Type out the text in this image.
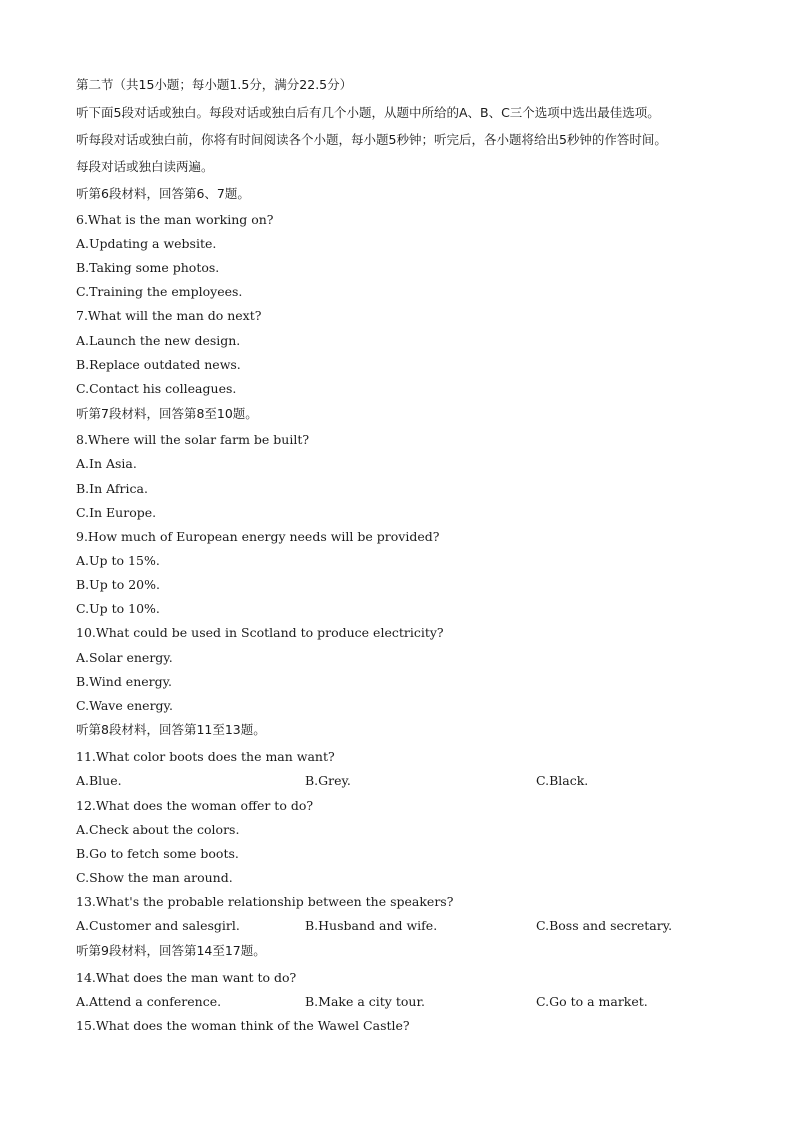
第二节（共15小题；每小题1.5分，满分22.5分）
听下面5段对话或独白。每段对话或独白后有几个小题，从题中所给的A、B、C三个选项中选出最佳选项。
听每段对话或独白前，你将有时间阅读各个小题，每小题5秒钟；听完后，各小题将给出5秒钟的作答时间。
每段对话或独白读两遍。
听第6段材料，回答第6、7题。
6.What is the man working on?
A.Updating a website.
B.Taking some photos.
C.Training the employees.
7.What will the man do next?
A.Launch the new design.
B.Replace outdated news.
C.Contact his colleagues.
听第7段材料，回答第8至10题。
8.Where will the solar farm be built?
A.In Asia.
B.In Africa.
C.In Europe.
9.How much of European energy needs will be provided?
A.Up to 15%.
B.Up to 20%.
C.Up to 10%.
10.What could be used in Scotland to produce electricity?
A.Solar energy.
B.Wind energy.
C.Wave energy.
听第8段材料，回答第11至13题。
11.What color boots does the man want?
A.Blue.	B.Grey.	C.Black.
12.What does the woman offer to do?
A.Check about the colors.
B.Go to fetch some boots.
C.Show the man around.
13.What's the probable relationship between the speakers?
A.Customer and salesgirl.	B.Husband and wife.	C.Boss and secretary.
听第9段材料，回答第14至17题。
14.What does the man want to do?
A.Attend a conference.	B.Make a city tour.	C.Go to a market.
15.What does the woman think of the Wawel Castle?
